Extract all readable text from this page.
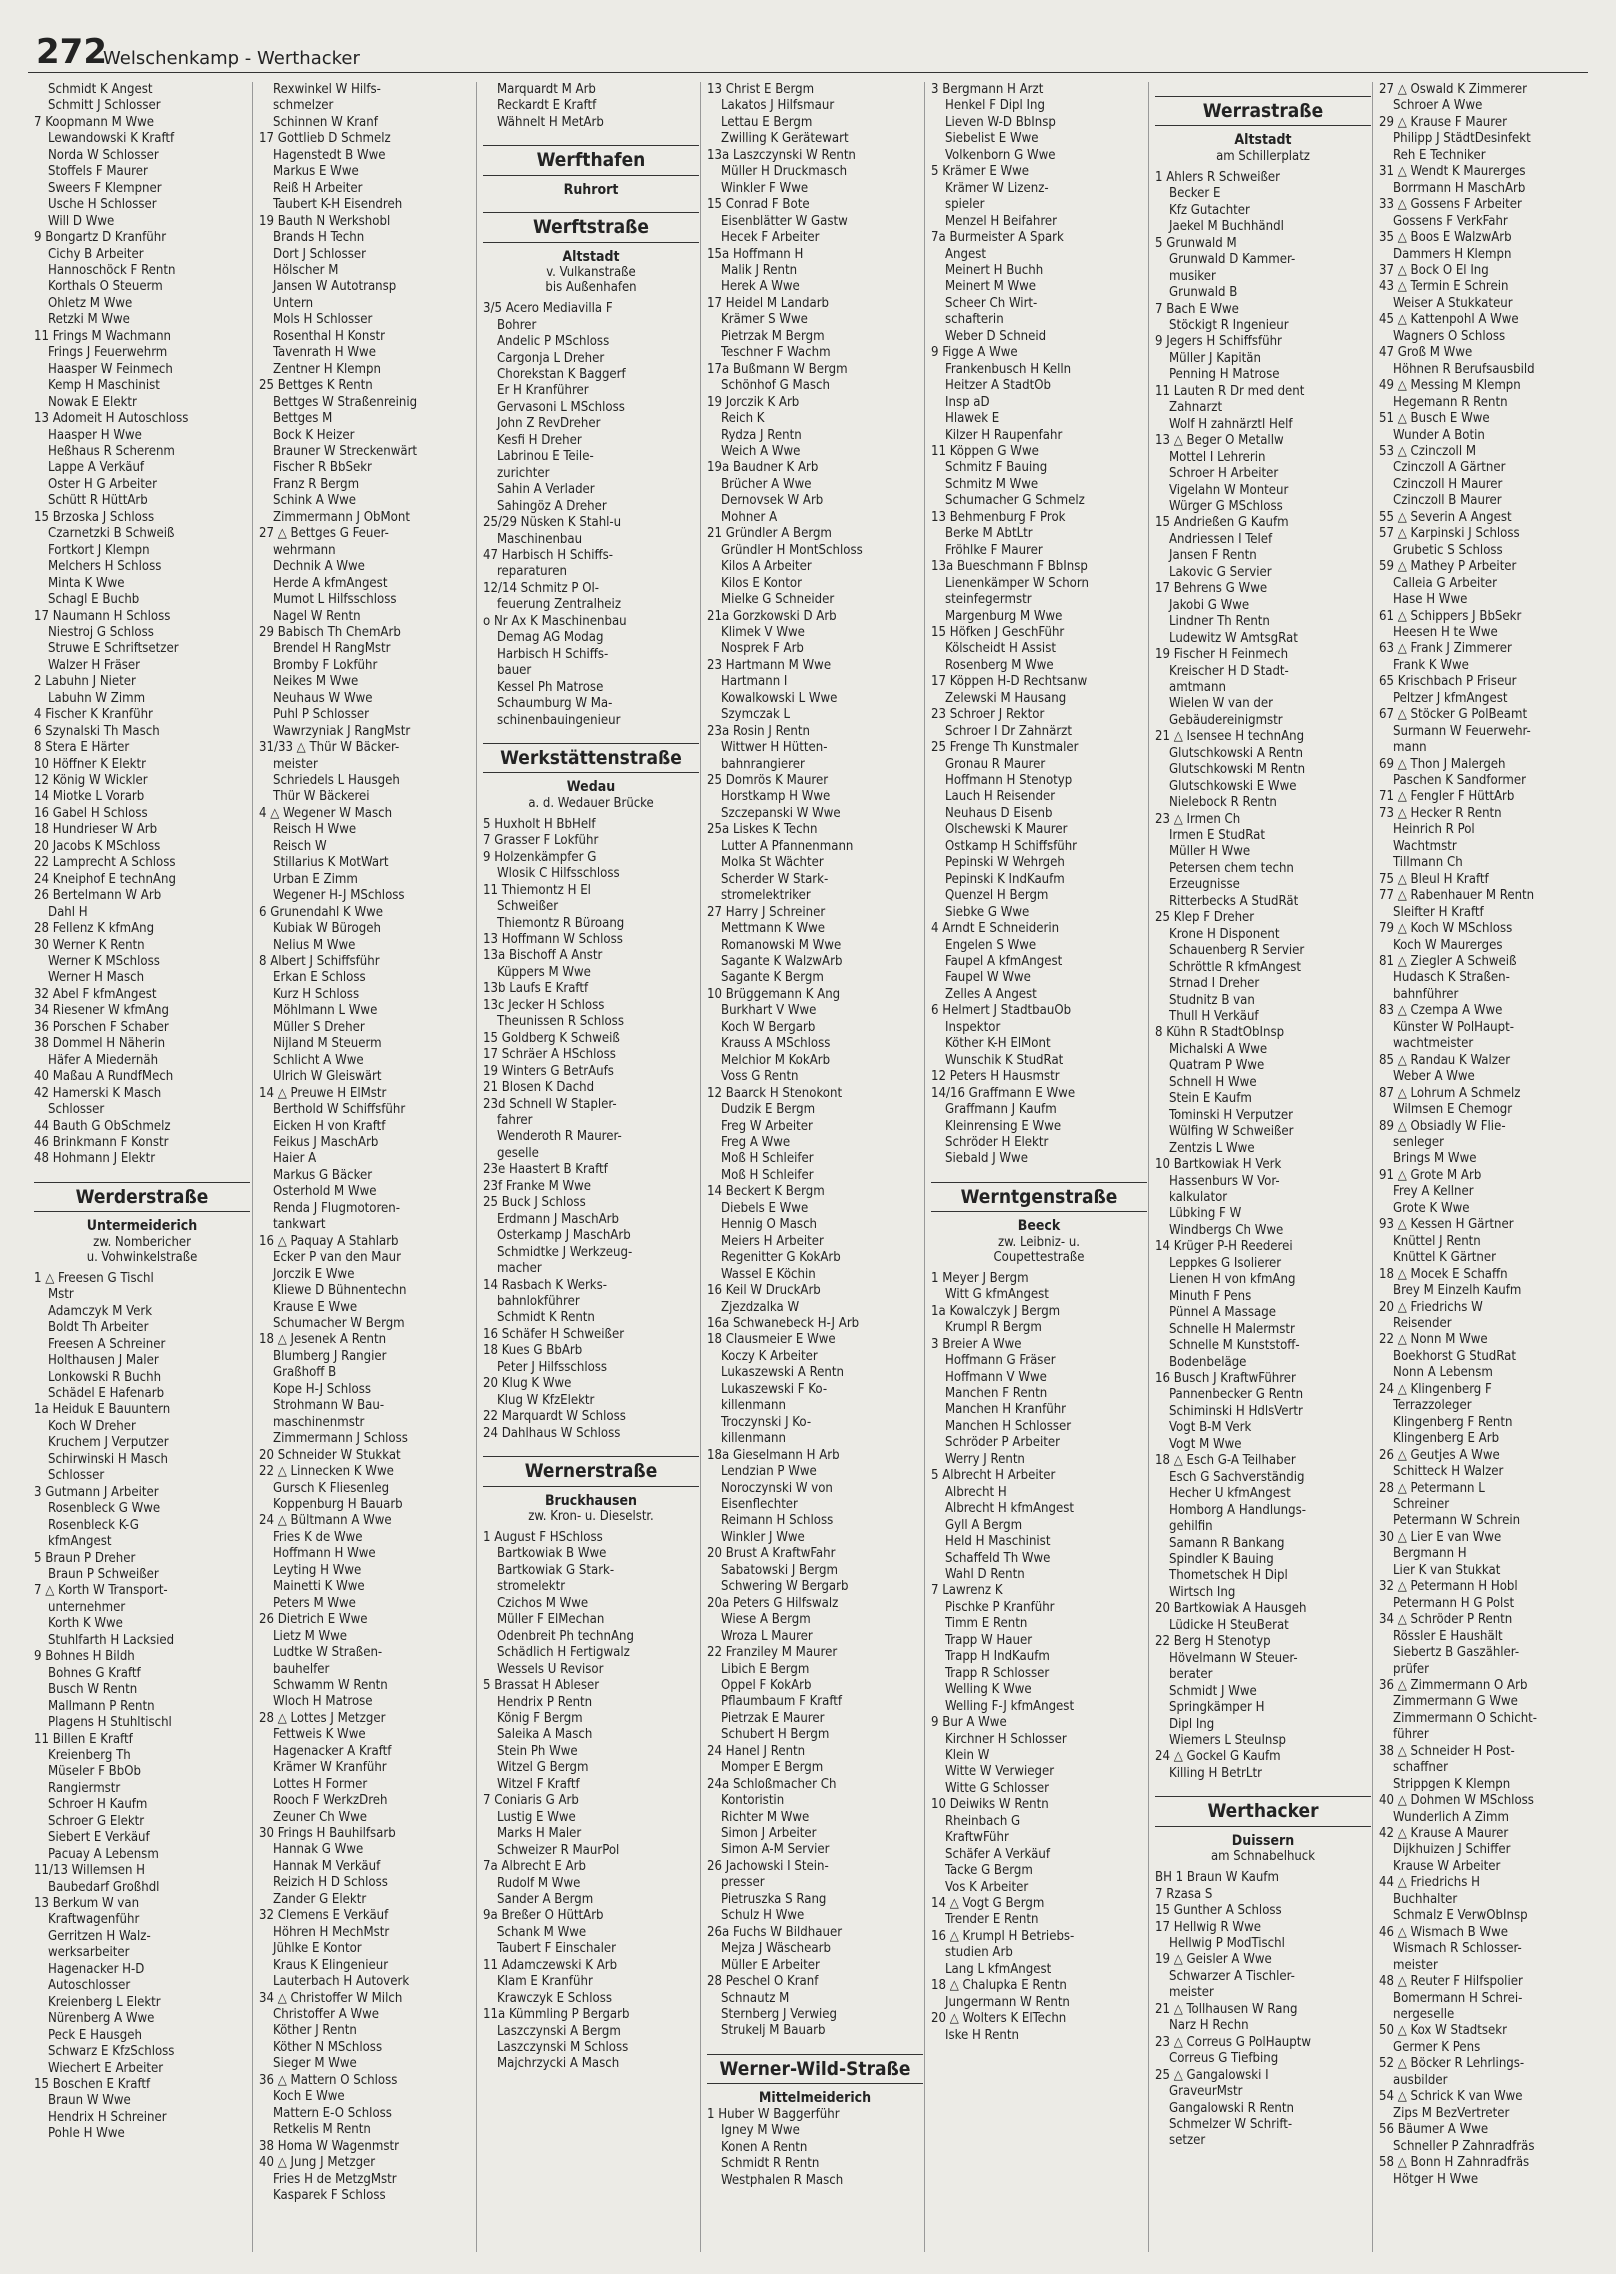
272
Welschenkamp - Werthacker
Schmidt K Angest
Schmitt J Schlosser
7 Koopmann M Wwe
Lewandowski K Kraftf
Norda W Schlosser
Stoffels F Maurer
Sweers F Klempner
Usche H Schlosser
Will D Wwe
9 Bongartz D Kranführ
Cichy B Arbeiter
Hannoschöck F Rentn
Korthals O Steuerm
Ohletz M Wwe
Retzki M Wwe
11 Frings M Wachmann
Frings J Feuerwehrm
Haasper W Feinmech
Kemp H Maschinist
Nowak E Elektr
13 Adomeit H Autoschloss
Haasper H Wwe
Heßhaus R Scherenm
Lappe A Verkäuf
Oster H G Arbeiter
Schütt R HüttArb
15 Brzoska J Schloss
Czarnetzki B Schweiß
Fortkort J Klempn
Melchers H Schloss
Minta K Wwe
Schagl E Buchb
17 Naumann H Schloss
Niestroj G Schloss
Struwe E Schriftsetzer
Walzer H Fräser
2 Labuhn J Nieter
Labuhn W Zimm
4 Fischer K Kranführ
6 Szynalski Th Masch
8 Stera E Härter
10 Höffner K Elektr
12 König W Wickler
14 Miotke L Vorarb
16 Gabel H Schloss
18 Hundrieser W Arb
20 Jacobs K MSchloss
22 Lamprecht A Schloss
24 Kneiphof E technAng
26 Bertelmann W Arb
Dahl H
28 Fellenz K kfmAng
30 Werner K Rentn
Werner K MSchloss
Werner H Masch
32 Abel F kfmAngest
34 Riesener W kfmAng
36 Porschen F Schaber
38 Dommel H Näherin
Häfer A Miedernäh
40 Maßau A RundfMech
42 Hamerski K Masch
Schlosser
44 Bauth G ObSchmelz
46 Brinkmann F Konstr
48 Hohmann J Elektr
Werderstraße
Untermeiderich
zw. Nombericher
u. Vohwinkelstraße
1 △ Freesen G Tischl
Mstr
Adamczyk M Verk
Boldt Th Arbeiter
Freesen A Schreiner
Holthausen J Maler
Lonkowski R Buchh
Schädel E Hafenarb
1a Heiduk E Bauuntern
Koch W Dreher
Kruchem J Verputzer
Schirwinski H Masch
Schlosser
3 Gutmann J Arbeiter
Rosenbleck G Wwe
Rosenbleck K-G
kfmAngest
5 Braun P Dreher
Braun P Schweißer
7 △ Korth W Transport-
unternehmer
Korth K Wwe
Stuhlfarth H Lacksied
9 Bohnes H Bildh
Bohnes G Kraftf
Busch W Rentn
Mallmann P Rentn
Plagens H Stuhltischl
11 Billen E Kraftf
Kreienberg Th
Müseler F BbOb
Rangiermstr
Schroer H Kaufm
Schroer G Elektr
Siebert E Verkäuf
Pacuay A Lebensm
11/13 Willemsen H
Baubedarf Großhdl
13 Berkum W van
Kraftwagenführ
Gerritzen H Walz-
werksarbeiter
Hagenacker H-D
Autoschlosser
Kreienberg L Elektr
Nürenberg A Wwe
Peck E Hausgeh
Schwarz E KfzSchloss
Wiechert E Arbeiter
15 Boschen E Kraftf
Braun W Wwe
Hendrix H Schreiner
Pohle H Wwe
Rexwinkel W Hilfs-
schmelzer
Schinnen W Kranf
17 Gottlieb D Schmelz
Hagenstedt B Wwe
Markus E Wwe
Reiß H Arbeiter
Taubert K-H Eisendreh
19 Bauth N Werkshobl
Brands H Techn
Dort J Schlosser
Hölscher M
Jansen W Autotransp
Untern
Mols H Schlosser
Rosenthal H Konstr
Tavenrath H Wwe
Zentner H Klempn
25 Bettges K Rentn
Bettges W Straßenreinig
Bettges M
Bock K Heizer
Brauner W Streckenwärt
Fischer R BbSekr
Franz R Bergm
Schink A Wwe
Zimmermann J ObMont
27 △ Bettges G Feuer-
wehrmann
Dechnik A Wwe
Herde A kfmAngest
Mumot L Hilfsschloss
Nagel W Rentn
29 Babisch Th ChemArb
Brendel H RangMstr
Bromby F Lokführ
Neikes M Wwe
Neuhaus W Wwe
Puhl P Schlosser
Wawrzyniak J RangMstr
31/33 △ Thür W Bäcker-
meister
Schriedels L Hausgeh
Thür W Bäckerei
4 △ Wegener W Masch
Reisch H Wwe
Reisch W
Stillarius K MotWart
Urban E Zimm
Wegener H-J MSchloss
6 Grunendahl K Wwe
Kubiak W Bürogeh
Nelius M Wwe
8 Albert J Schiffsführ
Erkan E Schloss
Kurz H Schloss
Möhlmann L Wwe
Müller S Dreher
Nijland M Steuerm
Schlicht A Wwe
Ulrich W Gleiswärt
14 △ Preuwe H ElMstr
Berthold W Schiffsführ
Eicken H von Kraftf
Feikus J MaschArb
Haier A
Markus G Bäcker
Osterhold M Wwe
Renda J Flugmotoren-
tankwart
16 △ Paquay A Stahlarb
Ecker P van den Maur
Jorczik E Wwe
Kliewe D Bühnentechn
Krause E Wwe
Schumacher W Bergm
18 △ Jesenek A Rentn
Blumberg J Rangier
Graßhoff B
Kope H-J Schloss
Strohmann W Bau-
maschinenmstr
Zimmermann J Schloss
20 Schneider W Stukkat
22 △ Linnecken K Wwe
Gursch K Fliesenleg
Koppenburg H Bauarb
24 △ Bültmann A Wwe
Fries K de Wwe
Hoffmann H Wwe
Leyting H Wwe
Mainetti K Wwe
Peters M Wwe
26 Dietrich E Wwe
Lietz M Wwe
Ludtke W Straßen-
bauhelfer
Schwamm W Rentn
Wloch H Matrose
28 △ Lottes J Metzger
Fettweis K Wwe
Hagenacker A Kraftf
Krämer W Kranführ
Lottes H Former
Rooch F WerkzDreh
Zeuner Ch Wwe
30 Frings H Bauhilfsarb
Hannak G Wwe
Hannak M Verkäuf
Reizich H D Schloss
Zander G Elektr
32 Clemens E Verkäuf
Höhren H MechMstr
Jühlke E Kontor
Kraus K Elingenieur
Lauterbach H Autoverk
34 △ Christoffer W Milch
Christoffer A Wwe
Köther J Rentn
Köther N MSchloss
Sieger M Wwe
36 △ Mattern O Schloss
Koch E Wwe
Mattern E-O Schloss
Retkelis M Rentn
38 Homa W Wagenmstr
40 △ Jung J Metzger
Fries H de MetzgMstr
Kasparek F Schloss
Marquardt M Arb
Reckardt E Kraftf
Wähnelt H MetArb
Werfthafen
Ruhrort
Werftstraße
Altstadt
v. Vulkanstraße
bis Außenhafen
3/5 Acero Mediavilla F
Bohrer
Andelic P MSchloss
Cargonja L Dreher
Chorekstan K Baggerf
Er H Kranführer
Gervasoni L MSchloss
John Z RevDreher
Kesfi H Dreher
Labrinou E Teile-
zurichter
Sahin A Verlader
Sahingöz A Dreher
25/29 Nüsken K Stahl-u
Maschinenbau
47 Harbisch H Schiffs-
reparaturen
12/14 Schmitz P Öl-
feuerung Zentralheiz
o Nr Ax K Maschinenbau
Demag AG Modag
Harbisch H Schiffs-
bauer
Kessel Ph Matrose
Schaumburg W Ma-
schinenbauingenieur
Werkstättenstraße
Wedau
a. d. Wedauer Brücke
5 Huxholt H BbHelf
7 Grasser F Lokführ
9 Holzenkämpfer G
Wlosik C Hilfsschloss
11 Thiemontz H El
Schweißer
Thiemontz R Büroang
13 Hoffmann W Schloss
13a Bischoff A Anstr
Küppers M Wwe
13b Laufs E Kraftf
13c Jecker H Schloss
Theunissen R Schloss
15 Goldberg K Schweiß
17 Schräer A HSchloss
19 Winters G BetrAufs
21 Blosen K Dachd
23d Schnell W Stapler-
fahrer
Wenderoth R Maurer-
geselle
23e Haastert B Kraftf
23f Franke M Wwe
25 Buck J Schloss
Erdmann J MaschArb
Osterkamp J MaschArb
Schmidtke J Werkzeug-
macher
14 Rasbach K Werks-
bahnlokführer
Schmidt K Rentn
16 Schäfer H Schweißer
18 Kues G BbArb
Peter J Hilfsschloss
20 Klug K Wwe
Klug W KfzElektr
22 Marquardt W Schloss
24 Dahlhaus W Schloss
Wernerstraße
Bruckhausen
zw. Kron- u. Dieselstr.
1 August F HSchloss
Bartkowiak B Wwe
Bartkowiak G Stark-
stromelektr
Czichos M Wwe
Müller F ElMechan
Odenbreit Ph technAng
Schädlich H Fertigwalz
Wessels U Revisor
5 Brassat H Ableser
Hendrix P Rentn
König F Bergm
Saleika A Masch
Stein Ph Wwe
Witzel G Bergm
Witzel F Kraftf
7 Coniaris G Arb
Lustig E Wwe
Marks H Maler
Schweizer R MaurPol
7a Albrecht E Arb
Rudolf M Wwe
Sander A Bergm
9a Breßer O HüttArb
Schank M Wwe
Taubert F Einschaler
11 Adamczewski K Arb
Klam E Kranführ
Krawczyk E Schloss
11a Kümmling P Bergarb
Laszczynski A Bergm
Laszczynski M Schloss
Majchrzycki A Masch
13 Christ E Bergm
Lakatos J Hilfsmaur
Lettau E Bergm
Zwilling K Gerätewart
13a Laszczynski W Rentn
Müller H Druckmasch
Winkler F Wwe
15 Conrad F Bote
Eisenblätter W Gastw
Hecek F Arbeiter
15a Hoffmann H
Malik J Rentn
Herek A Wwe
17 Heidel M Landarb
Krämer S Wwe
Pietrzak M Bergm
Teschner F Wachm
17a Bußmann W Bergm
Schönhof G Masch
19 Jorczik K Arb
Reich K
Rydza J Rentn
Weich A Wwe
19a Baudner K Arb
Brücher A Wwe
Dernovsek W Arb
Mohner A
21 Gründler A Bergm
Gründler H MontSchloss
Kilos A Arbeiter
Kilos E Kontor
Mielke G Schneider
21a Gorzkowski D Arb
Klimek V Wwe
Nosprek F Arb
23 Hartmann M Wwe
Hartmann I
Kowalkowski L Wwe
Szymczak L
23a Rosin J Rentn
Wittwer H Hütten-
bahnrangierer
25 Domrös K Maurer
Horstkamp H Wwe
Szczepanski W Wwe
25a Liskes K Techn
Lutter A Pfannenmann
Molka St Wächter
Scherder W Stark-
stromelektriker
27 Harry J Schreiner
Mettmann K Wwe
Romanowski M Wwe
Sagante K WalzwArb
Sagante K Bergm
10 Brüggemann K Ang
Burkhart V Wwe
Koch W Bergarb
Krauss A MSchloss
Melchior M KokArb
Voss G Rentn
12 Baarck H Stenokont
Dudzik E Bergm
Freg W Arbeiter
Freg A Wwe
Moß H Schleifer
Moß H Schleifer
14 Beckert K Bergm
Diebels E Wwe
Hennig O Masch
Meiers H Arbeiter
Regenitter G KokArb
Wassel E Köchin
16 Keil W DruckArb
Zjezdzalka W
16a Schwanebeck H-J Arb
18 Clausmeier E Wwe
Koczy K Arbeiter
Lukaszewski A Rentn
Lukaszewski F Ko-
killenmann
Troczynski J Ko-
killenmann
18a Gieselmann H Arb
Lendzian P Wwe
Noroczynski W von
Eisenflechter
Reimann H Schloss
Winkler J Wwe
20 Brust A KraftwFahr
Sabatowski J Bergm
Schwering W Bergarb
20a Peters G Hilfswalz
Wiese A Bergm
Wroza L Maurer
22 Franziley M Maurer
Libich E Bergm
Oppel F KokArb
Pflaumbaum F Kraftf
Pietrzak E Maurer
Schubert H Bergm
24 Hanel J Rentn
Momper E Bergm
24a Schloßmacher Ch
Kontoristin
Richter M Wwe
Simon J Arbeiter
Simon A-M Servier
26 Jachowski I Stein-
presser
Pietruszka S Rang
Schulz H Wwe
26a Fuchs W Bildhauer
Mejza J Wäschearb
Müller E Arbeiter
28 Peschel O Kranf
Schnautz M
Sternberg J Verwieg
Strukelj M Bauarb
Werner-Wild-Straße
Mittelmeiderich
1 Huber W Baggerführ
Igney M Wwe
Konen A Rentn
Schmidt R Rentn
Westphalen R Masch
3 Bergmann H Arzt
Henkel F Dipl Ing
Lieven W-D BbInsp
Siebelist E Wwe
Volkenborn G Wwe
5 Krämer E Wwe
Krämer W Lizenz-
spieler
Menzel H Beifahrer
7a Burmeister A Spark
Angest
Meinert H Buchh
Meinert M Wwe
Scheer Ch Wirt-
schafterin
Weber D Schneid
9 Figge A Wwe
Frankenbusch H Kelln
Heitzer A StadtOb
Insp aD
Hlawek E
Kilzer H Raupenfahr
11 Köppen G Wwe
Schmitz F Bauing
Schmitz M Wwe
Schumacher G Schmelz
13 Behmenburg F Prok
Berke M AbtLtr
Fröhlke F Maurer
13a Bueschmann F BbInsp
Lienenkämper W Schorn
steinfegermstr
Margenburg M Wwe
15 Höfken J GeschFühr
Kölscheidt H Assist
Rosenberg M Wwe
17 Köppen H-D Rechtsanw
Zelewski M Hausang
23 Schroer J Rektor
Schroer I Dr Zahnärzt
25 Frenge Th Kunstmaler
Gronau R Maurer
Hoffmann H Stenotyp
Lauch H Reisender
Neuhaus D Eisenb
Olschewski K Maurer
Ostkamp H Schiffsführ
Pepinski W Wehrgeh
Pepinski K IndKaufm
Quenzel H Bergm
Siebke G Wwe
4 Arndt E Schneiderin
Engelen S Wwe
Faupel A kfmAngest
Faupel W Wwe
Zelles A Angest
6 Helmert J StadtbauOb
Inspektor
Köther K-H ElMont
Wunschik K StudRat
12 Peters H Hausmstr
14/16 Graffmann E Wwe
Graffmann J Kaufm
Kleinrensing E Wwe
Schröder H Elektr
Siebald J Wwe
Werntgenstraße
Beeck
zw. Leibniz- u.
Coupettestraße
1 Meyer J Bergm
Witt G kfmAngest
1a Kowalczyk J Bergm
Krumpl R Bergm
3 Breier A Wwe
Hoffmann G Fräser
Hoffmann V Wwe
Manchen F Rentn
Manchen H Kranführ
Manchen H Schlosser
Schröder P Arbeiter
Werry J Rentn
5 Albrecht H Arbeiter
Albrecht H
Albrecht H kfmAngest
Gyll A Bergm
Held H Maschinist
Schaffeld Th Wwe
Wahl D Rentn
7 Lawrenz K
Pischke P Kranführ
Timm E Rentn
Trapp W Hauer
Trapp H IndKaufm
Trapp R Schlosser
Welling K Wwe
Welling F-J kfmAngest
9 Bur A Wwe
Kirchner H Schlosser
Klein W
Witte W Verwieger
Witte G Schlosser
10 Deiwiks W Rentn
Rheinbach G
KraftwFühr
Schäfer A Verkäuf
Tacke G Bergm
Vos K Arbeiter
14 △ Vogt G Bergm
Trender E Rentn
16 △ Krumpl H Betriebs-
studien Arb
Lang L kfmAngest
18 △ Chalupka E Rentn
Jungermann W Rentn
20 △ Wolters K ElTechn
Iske H Rentn
Werrastraße
Altstadt
am Schillerplatz
1 Ahlers R Schweißer
Becker E
Kfz Gutachter
Jaekel M Buchhändl
5 Grunwald M
Grunwald D Kammer-
musiker
Grunwald B
7 Bach E Wwe
Stöckigt R Ingenieur
9 Jegers H Schiffsführ
Müller J Kapitän
Penning H Matrose
11 Lauten R Dr med dent
Zahnarzt
Wolf H zahnärztl Helf
13 △ Beger O Metallw
Mottel I Lehrerin
Schroer H Arbeiter
Vigelahn W Monteur
Würger G MSchloss
15 Andrießen G Kaufm
Andriessen I Telef
Jansen F Rentn
Lakovic G Servier
17 Behrens G Wwe
Jakobi G Wwe
Lindner Th Rentn
Ludewitz W AmtsgRat
19 Fischer H Feinmech
Kreischer H D Stadt-
amtmann
Wielen W van der
Gebäudereinigmstr
21 △ Isensee H technAng
Glutschkowski A Rentn
Glutschkowski M Rentn
Glutschkowski E Wwe
Nielebock R Rentn
23 △ Irmen Ch
Irmen E StudRat
Müller H Wwe
Petersen chem techn
Erzeugnisse
Ritterbecks A StudRät
25 Klep F Dreher
Krone H Disponent
Schauenberg R Servier
Schröttle R kfmAngest
Strnad I Dreher
Studnitz B van
Thull H Verkäuf
8 Kühn R StadtObInsp
Michalski A Wwe
Quatram P Wwe
Schnell H Wwe
Stein E Kaufm
Tominski H Verputzer
Wülfing W Schweißer
Zentzis L Wwe
10 Bartkowiak H Verk
Hassenburs W Vor-
kalkulator
Lübking F W
Windbergs Ch Wwe
14 Krüger P-H Reederei
Leppkes G Isolierer
Lienen H von kfmAng
Minuth F Pens
Pünnel A Massage
Schnelle H Malermstr
Schnelle M Kunststoff-
Bodenbeläge
16 Busch J KraftwFührer
Pannenbecker G Rentn
Schiminski H HdlsVertr
Vogt B-M Verk
Vogt M Wwe
18 △ Esch G-A Teilhaber
Esch G Sachverständig
Hecher U kfmAngest
Homborg A Handlungs-
gehilfin
Samann R Bankang
Spindler K Bauing
Thometschek H Dipl
Wirtsch Ing
20 Bartkowiak A Hausgeh
Lüdicke H SteuBerat
22 Berg H Stenotyp
Hövelmann W Steuer-
berater
Schmidt J Wwe
Springkämper H
Dipl Ing
Wiemers L SteuInsp
24 △ Gockel G Kaufm
Killing H BetrLtr
Werthacker
Duissern
am Schnabelhuck
BH 1 Braun W Kaufm
7 Rzasa S
15 Gunther A Schloss
17 Hellwig R Wwe
Hellwig P ModTischl
19 △ Geisler A Wwe
Schwarzer A Tischler-
meister
21 △ Tollhausen W Rang
Narz H Rechn
23 △ Correus G PolHauptw
Correus G Tiefbing
25 △ Gangalowski I
GraveurMstr
Gangalowski R Rentn
Schmelzer W Schrift-
setzer
27 △ Oswald K Zimmerer
Schroer A Wwe
29 △ Krause F Maurer
Philipp J StädtDesinfekt
Reh E Techniker
31 △ Wendt K Maurerges
Borrmann H MaschArb
33 △ Gossens F Arbeiter
Gossens F VerkFahr
35 △ Boos E WalzwArb
Dammers H Klempn
37 △ Bock O El Ing
43 △ Termin E Schrein
Weiser A Stukkateur
45 △ Kattenpohl A Wwe
Wagners O Schloss
47 Groß M Wwe
Höhnen R Berufsausbild
49 △ Messing M Klempn
Hegemann R Rentn
51 △ Busch E Wwe
Wunder A Botin
53 △ Czinczoll M
Czinczoll A Gärtner
Czinczoll H Maurer
Czinczoll B Maurer
55 △ Severin A Angest
57 △ Karpinski J Schloss
Grubetic S Schloss
59 △ Mathey P Arbeiter
Calleia G Arbeiter
Hase H Wwe
61 △ Schippers J BbSekr
Heesen H te Wwe
63 △ Frank J Zimmerer
Frank K Wwe
65 Krischbach P Friseur
Peltzer J kfmAngest
67 △ Stöcker G PolBeamt
Surmann W Feuerwehr-
mann
69 △ Thon J Malergeh
Paschen K Sandformer
71 △ Fengler F HüttArb
73 △ Hecker R Rentn
Heinrich R Pol
Wachtmstr
Tillmann Ch
75 △ Bleul H Kraftf
77 △ Rabenhauer M Rentn
Sleifter H Kraftf
79 △ Koch W MSchloss
Koch W Maurerges
81 △ Ziegler A Schweiß
Hudasch K Straßen-
bahnführer
83 △ Czempa A Wwe
Künster W PolHaupt-
wachtmeister
85 △ Randau K Walzer
Weber A Wwe
87 △ Lohrum A Schmelz
Wilmsen E Chemogr
89 △ Obsiadly W Flie-
senleger
Brings M Wwe
91 △ Grote M Arb
Frey A Kellner
Grote K Wwe
93 △ Kessen H Gärtner
Knüttel J Rentn
Knüttel K Gärtner
18 △ Mocek E Schaffn
Brey M Einzelh Kaufm
20 △ Friedrichs W
Reisender
22 △ Nonn M Wwe
Boekhorst G StudRat
Nonn A Lebensm
24 △ Klingenberg F
Terrazzoleger
Klingenberg F Rentn
Klingenberg E Arb
26 △ Geutjes A Wwe
Schitteck H Walzer
28 △ Petermann L
Schreiner
Petermann W Schrein
30 △ Lier E van Wwe
Bergmann H
Lier K van Stukkat
32 △ Petermann H Hobl
Petermann H G Polst
34 △ Schröder P Rentn
Rössler E Haushält
Siebertz B Gaszähler-
prüfer
36 △ Zimmermann O Arb
Zimmermann G Wwe
Zimmermann O Schicht-
führer
38 △ Schneider H Post-
schaffner
Strippgen K Klempn
40 △ Dohmen W MSchloss
Wunderlich A Zimm
42 △ Krause A Maurer
Dijkhuizen J Schiffer
Krause W Arbeiter
44 △ Friedrichs H
Buchhalter
Schmalz E VerwObInsp
46 △ Wismach B Wwe
Wismach R Schlosser-
meister
48 △ Reuter F Hilfspolier
Bomermann H Schrei-
nergeselle
50 △ Kox W Stadtsekr
Germer K Pens
52 △ Böcker R Lehrlings-
ausbilder
54 △ Schrick K van Wwe
Zips M BezVertreter
56 Bäumer A Wwe
Schneller P Zahnradfräs
58 △ Bonn H Zahnradfräs
Hötger H Wwe
